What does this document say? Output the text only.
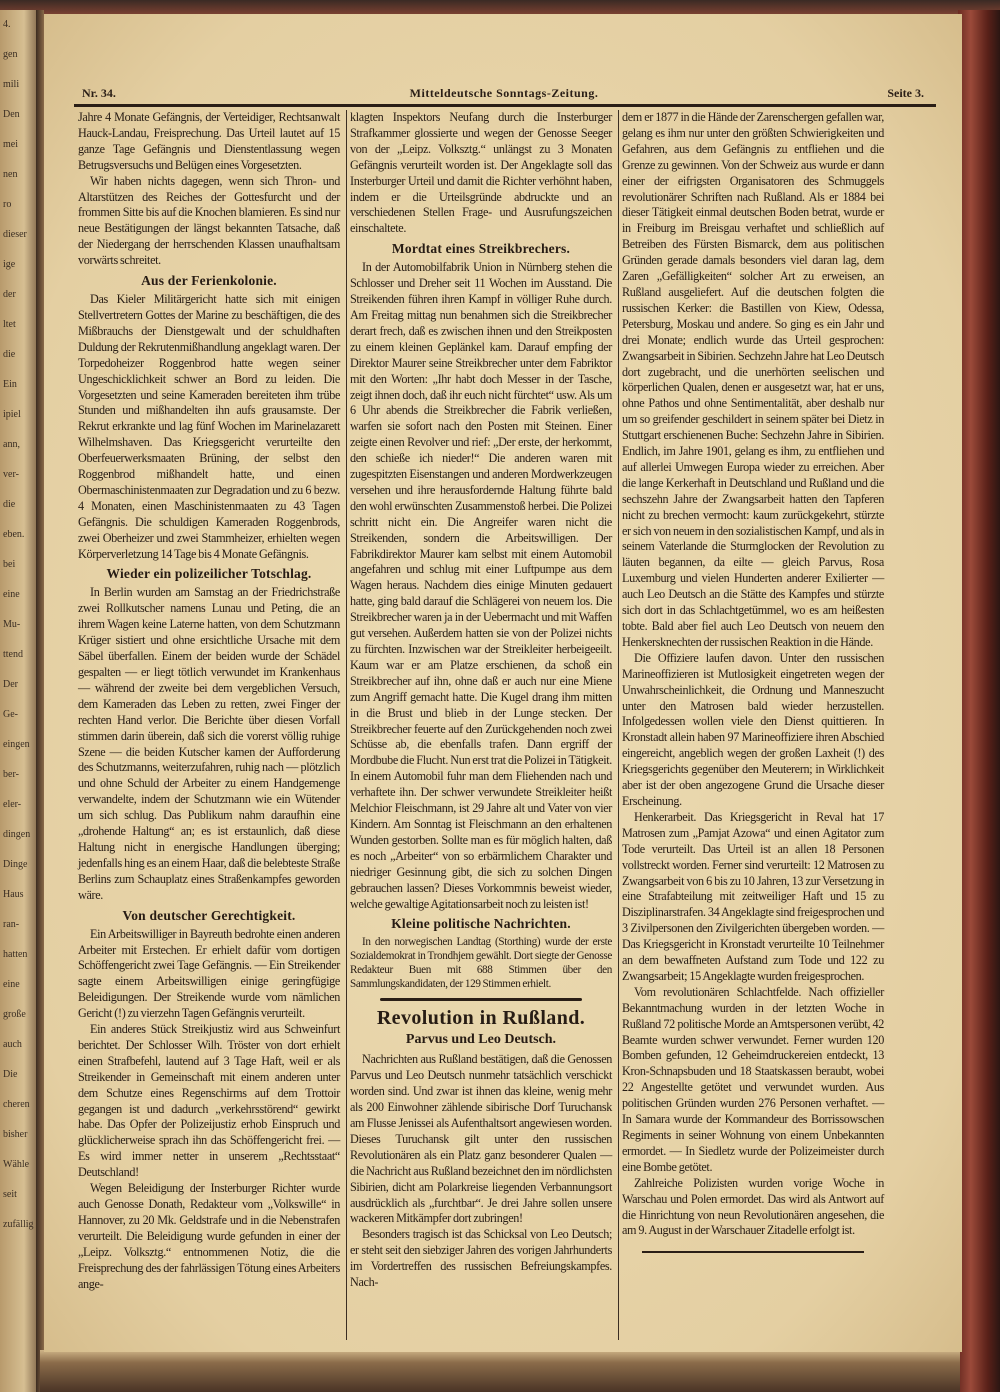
4.
gen
mili
Den
mei
nen
ro
dieser
ige
der
ltet
die
Ein
ipiel
ann,
ver-
die
eben.
bei
eine
Mu-
ttend
Der
Ge-
eingen
ber-
eler-
dingen
Dinge
Haus
ran-
hatten
eine
große
auch
Die
cheren
bisher
Wähle
seit
zufällig
Nr. 34.	Mitteldeutsche Sonntags-Zeitung.	Seite 3.

Jahre 4 Monate Gefängnis, der Verteidiger, Rechtsanwalt Hauck-Landau, Freisprechung. Das Urteil lautet auf 15 ganze Tage Gefängnis und Dienstentlassung wegen Betrugsversuchs und Belügen eines Vorgesetzten.

Wir haben nichts dagegen, wenn sich Thron- und Altarstützen des Reiches der Gottesfurcht und der frommen Sitte bis auf die Knochen blamieren. Es sind nur neue Bestätigungen der längst bekannten Tatsache, daß der Niedergang der herrschenden Klassen unaufhaltsam vorwärts schreitet.

Aus der Ferienkolonie.

Das Kieler Militärgericht hatte sich mit einigen Stellvertretern Gottes der Marine zu beschäftigen, die des Mißbrauchs der Dienstgewalt und der schuldhaften Duldung der Rekrutenmißhandlung angeklagt waren. Der Torpedoheizer Roggenbrod hatte wegen seiner Ungeschicklichkeit schwer an Bord zu leiden. Die Vorgesetzten und seine Kameraden bereiteten ihm trübe Stunden und mißhandelten ihn aufs grausamste. Der Rekrut erkrankte und lag fünf Wochen im Marinelazarett Wilhelmshaven. Das Kriegsgericht verurteilte den Oberfeuerwerksmaaten Brüning, der selbst den Roggenbrod mißhandelt hatte, und einen Obermaschinistenmaaten zur Degradation und zu 6 bezw. 4 Monaten, einen Maschinistenmaaten zu 43 Tagen Gefängnis. Die schuldigen Kameraden Roggenbrods, zwei Oberheizer und zwei Stammheizer, erhielten wegen Körperverletzung 14 Tage bis 4 Monate Gefängnis.

Wieder ein polizeilicher Totschlag.

In Berlin wurden am Samstag an der Friedrichstraße zwei Rollkutscher namens Lunau und Peting, die an ihrem Wagen keine Laterne hatten, von dem Schutzmann Krüger sistiert und ohne ersichtliche Ursache mit dem Säbel überfallen. Einem der beiden wurde der Schädel gespalten — er liegt tötlich verwundet im Krankenhaus — während der zweite bei dem vergeblichen Versuch, dem Kameraden das Leben zu retten, zwei Finger der rechten Hand verlor. Die Berichte über diesen Vorfall stimmen darin überein, daß sich die vorerst völlig ruhige Szene — die beiden Kutscher kamen der Aufforderung des Schutzmanns, weiterzufahren, ruhig nach — plötzlich und ohne Schuld der Arbeiter zu einem Handgemenge verwandelte, indem der Schutzmann wie ein Wütender um sich schlug. Das Publikum nahm daraufhin eine „drohende Haltung“ an; es ist erstaunlich, daß diese Haltung nicht in energische Handlungen überging; jedenfalls hing es an einem Haar, daß die belebteste Straße Berlins zum Schauplatz eines Straßenkampfes geworden wäre.

Von deutscher Gerechtigkeit.

Ein Arbeitswilliger in Bayreuth bedrohte einen anderen Arbeiter mit Erstechen. Er erhielt dafür vom dortigen Schöffengericht zwei Tage Gefängnis. — Ein Streikender sagte einem Arbeitswilligen einige geringfügige Beleidigungen. Der Streikende wurde vom nämlichen Gericht (!) zu vierzehn Tagen Gefängnis verurteilt.

Ein anderes Stück Streikjustiz wird aus Schweinfurt berichtet. Der Schlosser Wilh. Tröster von dort erhielt einen Strafbefehl, lautend auf 3 Tage Haft, weil er als Streikender in Gemeinschaft mit einem anderen unter dem Schutze eines Regenschirms auf dem Trottoir gegangen ist und dadurch „verkehrsstörend“ gewirkt habe. Das Opfer der Polizeijustiz erhob Einspruch und glücklicherweise sprach ihn das Schöffengericht frei. — Es wird immer netter in unserem „Rechtsstaat“ Deutschland!

Wegen Beleidigung der Insterburger Richter wurde auch Genosse Donath, Redakteur vom „Volkswille“ in Hannover, zu 20 Mk. Geldstrafe und in die Nebenstrafen verurteilt. Die Beleidigung wurde gefunden in einer der „Leipz. Volksztg.“ entnommenen Notiz, die die Freisprechung des der fahrlässigen Tötung eines Arbeiters ange-

klagten Inspektors Neufang durch die Insterburger Strafkammer glossierte und wegen der Genosse Seeger von der „Leipz. Volksztg.“ unlängst zu 3 Monaten Gefängnis verurteilt worden ist. Der Angeklagte soll das Insterburger Urteil und damit die Richter verhöhnt haben, indem er die Urteilsgründe abdruckte und an verschiedenen Stellen Frage- und Ausrufungszeichen einschaltete.

Mordtat eines Streikbrechers.

In der Automobilfabrik Union in Nürnberg stehen die Schlosser und Dreher seit 11 Wochen im Ausstand. Die Streikenden führen ihren Kampf in völliger Ruhe durch. Am Freitag mittag nun benahmen sich die Streikbrecher derart frech, daß es zwischen ihnen und den Streikposten zu einem kleinen Geplänkel kam. Darauf empfing der Direktor Maurer seine Streikbrecher unter dem Fabriktor mit den Worten: „Ihr habt doch Messer in der Tasche, zeigt ihnen doch, daß ihr euch nicht fürchtet“ usw. Als um 6 Uhr abends die Streikbrecher die Fabrik verließen, warfen sie sofort nach den Posten mit Steinen. Einer zeigte einen Revolver und rief: „Der erste, der herkommt, den schieße ich nieder!“ Die anderen waren mit zugespitzten Eisenstangen und anderen Mordwerkzeugen versehen und ihre herausfordernde Haltung führte bald den wohl erwünschten Zusammenstoß herbei. Die Polizei schritt nicht ein. Die Angreifer waren nicht die Streikenden, sondern die Arbeitswilligen. Der Fabrikdirektor Maurer kam selbst mit einem Automobil angefahren und schlug mit einer Luftpumpe aus dem Wagen heraus. Nachdem dies einige Minuten gedauert hatte, ging bald darauf die Schlägerei von neuem los. Die Streikbrecher waren ja in der Uebermacht und mit Waffen gut versehen. Außerdem hatten sie von der Polizei nichts zu fürchten. Inzwischen war der Streikleiter herbeigeeilt. Kaum war er am Platze erschienen, da schoß ein Streikbrecher auf ihn, ohne daß er auch nur eine Miene zum Angriff gemacht hatte. Die Kugel drang ihm mitten in die Brust und blieb in der Lunge stecken. Der Streikbrecher feuerte auf den Zurückgehenden noch zwei Schüsse ab, die ebenfalls trafen. Dann ergriff der Mordbube die Flucht. Nun erst trat die Polizei in Tätigkeit. In einem Automobil fuhr man dem Fliehenden nach und verhaftete ihn. Der schwer verwundete Streikleiter heißt Melchior Fleischmann, ist 29 Jahre alt und Vater von vier Kindern. Am Sonntag ist Fleischmann an den erhaltenen Wunden gestorben. Sollte man es für möglich halten, daß es noch „Arbeiter“ von so erbärmlichem Charakter und niedriger Gesinnung gibt, die sich zu solchen Dingen gebrauchen lassen? Dieses Vorkommnis beweist wieder, welche gewaltige Agitationsarbeit noch zu leisten ist!

Kleine politische Nachrichten.

In den norwegischen Landtag (Storthing) wurde der erste Sozialdemokrat in Trondhjem gewählt. Dort siegte der Genosse Redakteur Buen mit 688 Stimmen über den Sammlungskandidaten, der 129 Stimmen erhielt.

Revolution in Rußland.
Parvus und Leo Deutsch.

Nachrichten aus Rußland bestätigen, daß die Genossen Parvus und Leo Deutsch nunmehr tatsächlich verschickt worden sind. Und zwar ist ihnen das kleine, wenig mehr als 200 Einwohner zählende sibirische Dorf Turuchansk am Flusse Jenissei als Aufenthaltsort angewiesen worden. Dieses Turuchansk gilt unter den russischen Revolutionären als ein Platz ganz besonderer Qualen — die Nachricht aus Rußland bezeichnet den im nördlichsten Sibirien, dicht am Polarkreise liegenden Verbannungsort ausdrücklich als „furchtbar“. Je drei Jahre sollen unsere wackeren Mitkämpfer dort zubringen!

Besonders tragisch ist das Schicksal von Leo Deutsch; er steht seit den siebziger Jahren des vorigen Jahrhunderts im Vordertreffen des russischen Befreiungskampfes. Nach-

dem er 1877 in die Hände der Zarenschergen gefallen war, gelang es ihm nur unter den größten Schwierigkeiten und Gefahren, aus dem Gefängnis zu entfliehen und die Grenze zu gewinnen. Von der Schweiz aus wurde er dann einer der eifrigsten Organisatoren des Schmuggels revolutionärer Schriften nach Rußland. Als er 1884 bei dieser Tätigkeit einmal deutschen Boden betrat, wurde er in Freiburg im Breisgau verhaftet und schließlich auf Betreiben des Fürsten Bismarck, dem aus politischen Gründen gerade damals besonders viel daran lag, dem Zaren „Gefälligkeiten“ solcher Art zu erweisen, an Rußland ausgeliefert. Auf die deutschen folgten die russischen Kerker: die Bastillen von Kiew, Odessa, Petersburg, Moskau und andere. So ging es ein Jahr und drei Monate; endlich wurde das Urteil gesprochen: Zwangsarbeit in Sibirien. Sechzehn Jahre hat Leo Deutsch dort zugebracht, und die unerhörten seelischen und körperlichen Qualen, denen er ausgesetzt war, hat er uns, ohne Pathos und ohne Sentimentalität, aber deshalb nur um so greifender geschildert in seinem später bei Dietz in Stuttgart erschienenen Buche: Sechzehn Jahre in Sibirien. Endlich, im Jahre 1901, gelang es ihm, zu entfliehen und auf allerlei Umwegen Europa wieder zu erreichen. Aber die lange Kerkerhaft in Deutschland und Rußland und die sechszehn Jahre der Zwangsarbeit hatten den Tapferen nicht zu brechen vermocht: kaum zurückgekehrt, stürzte er sich von neuem in den sozialistischen Kampf, und als in seinem Vaterlande die Sturmglocken der Revolution zu läuten begannen, da eilte — gleich Parvus, Rosa Luxemburg und vielen Hunderten anderer Exilierter — auch Leo Deutsch an die Stätte des Kampfes und stürzte sich dort in das Schlachtgetümmel, wo es am heißesten tobte. Bald aber fiel auch Leo Deutsch von neuem den Henkersknechten der russischen Reaktion in die Hände.

Die Offiziere laufen davon. Unter den russischen Marineoffizieren ist Mutlosigkeit eingetreten wegen der Unwahrscheinlichkeit, die Ordnung und Manneszucht unter den Matrosen bald wieder herzustellen. Infolgedessen wollen viele den Dienst quittieren. In Kronstadt allein haben 97 Marineoffiziere ihren Abschied eingereicht, angeblich wegen der großen Laxheit (!) des Kriegsgerichts gegenüber den Meuterern; in Wirklichkeit aber ist der oben angezogene Grund die Ursache dieser Erscheinung.

Henkerarbeit. Das Kriegsgericht in Reval hat 17 Matrosen zum „Pamjat Azowa“ und einen Agitator zum Tode verurteilt. Das Urteil ist an allen 18 Personen vollstreckt worden. Ferner sind verurteilt: 12 Matrosen zu Zwangsarbeit von 6 bis zu 10 Jahren, 13 zur Versetzung in eine Strafabteilung mit zeitweiliger Haft und 15 zu Disziplinarstrafen. 34 Angeklagte sind freigesprochen und 3 Zivilpersonen den Zivilgerichten übergeben worden. — Das Kriegsgericht in Kronstadt verurteilte 10 Teilnehmer an dem bewaffneten Aufstand zum Tode und 122 zu Zwangsarbeit; 15 Angeklagte wurden freigesprochen.

Vom revolutionären Schlachtfelde. Nach offizieller Bekanntmachung wurden in der letzten Woche in Rußland 72 politische Morde an Amtspersonen verübt, 42 Beamte wurden schwer verwundet. Ferner wurden 120 Bomben gefunden, 12 Geheimdruckereien entdeckt, 13 Kron-Schnapsbuden und 18 Staatskassen beraubt, wobei 22 Angestellte getötet und verwundet wurden. Aus politischen Gründen wurden 276 Personen verhaftet. — In Samara wurde der Kommandeur des Borrissowschen Regiments in seiner Wohnung von einem Unbekannten ermordet. — In Siedletz wurde der Polizeimeister durch eine Bombe getötet.

Zahlreiche Polizisten wurden vorige Woche in Warschau und Polen ermordet. Das wird als Antwort auf die Hinrichtung von neun Revolutionären angesehen, die am 9. August in der Warschauer Zitadelle erfolgt ist.
